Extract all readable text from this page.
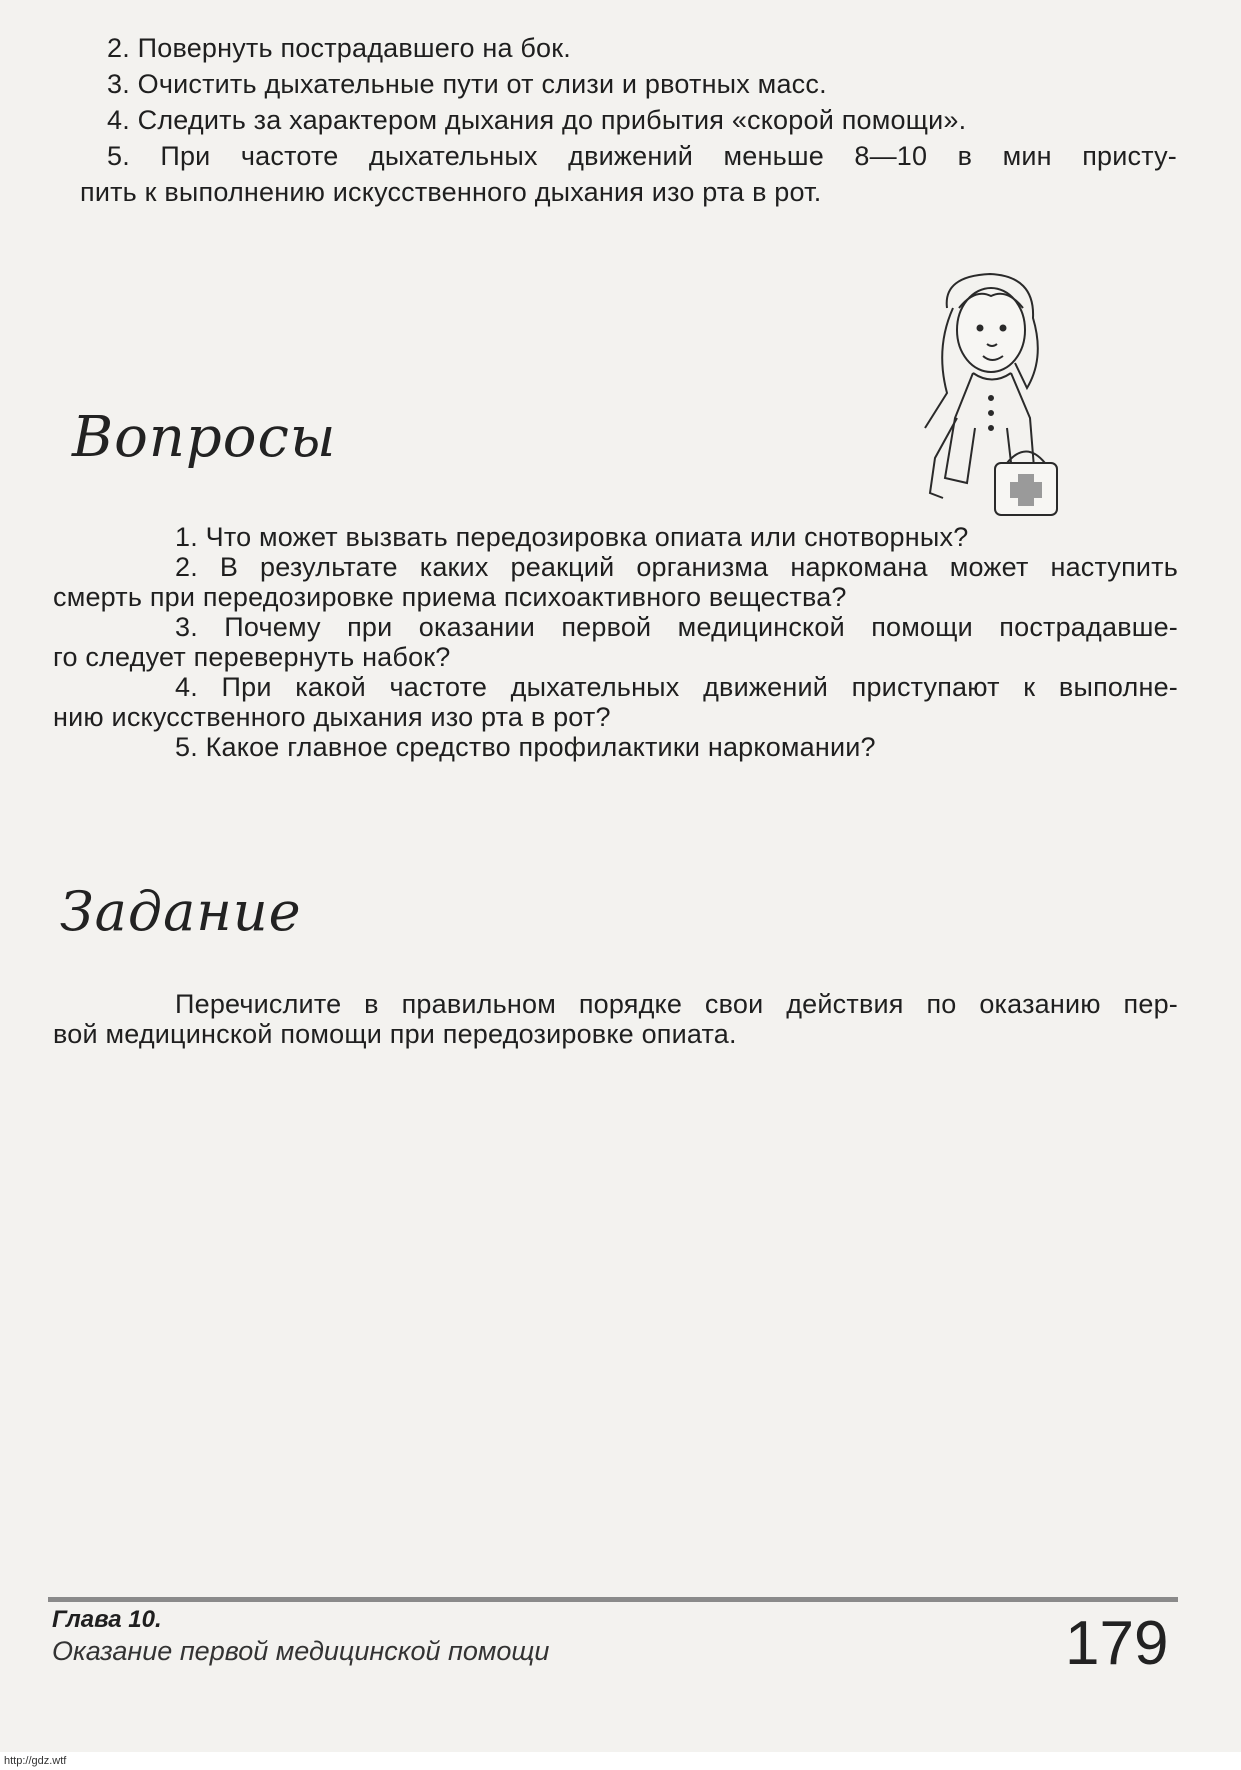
2. Повернуть пострадавшего на бок.
3. Очистить дыхательные пути от слизи и рвотных масс.
4. Следить за характером дыхания до прибытия «скорой помощи».
5. При частоте дыхательных движений меньше 8—10 в мин присту-
пить к выполнению искусственного дыхания изо рта в рот.
Вопросы
1. Что может вызвать передозировка опиата или снотворных?
2. В результате каких реакций организма наркомана может наступить
смерть при передозировке приема психоактивного вещества?
3. Почему при оказании первой медицинской помощи пострадавше-
го следует перевернуть набок?
4. При какой частоте дыхательных движений приступают к выполне-
нию искусственного дыхания изо рта в рот?
5. Какое главное средство профилактики наркомании?
Задание
Перечислите в правильном порядке свои действия по оказанию пер-
вой медицинской помощи при передозировке опиата.
Глава 10.
Оказание первой медицинской помощи	179
http://gdz.wtf
